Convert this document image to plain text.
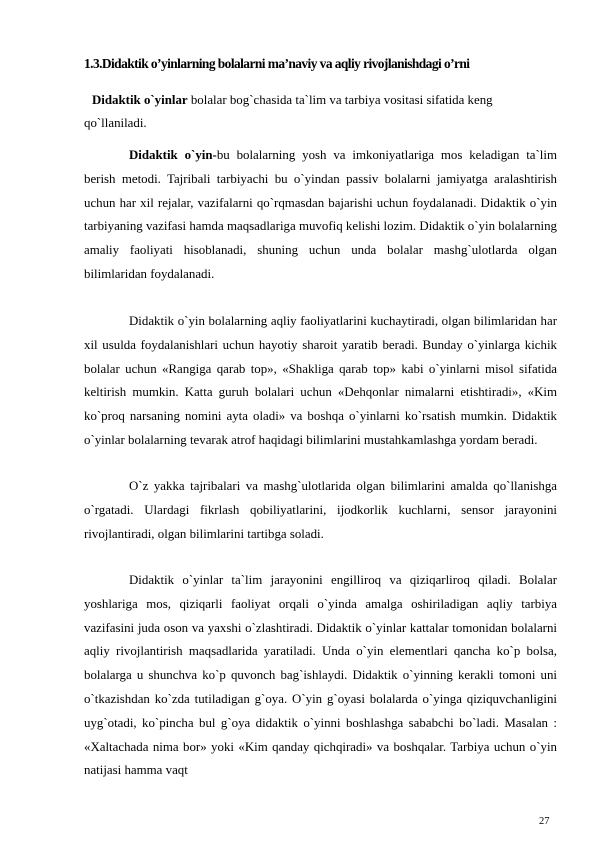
1.3.Didaktik o’yinlarning bolalarni ma’naviy va aqliy rivojlanishdagi o’rni
Didaktik o`yinlar bolalar bog`chasida ta`lim va tarbiya vositasi sifatida keng qo`llaniladi.

Didaktik o`yin-bu bolalarning yosh va imkoniyatlariga mos keladigan ta`lim berish metodi. Tajribali tarbiyachi bu o`yindan passiv bolalarni jamiyatga aralashtirish uchun har xil rejalar, vazifalarni qo`rqmasdan bajarishi uchun foydalanadi. Didaktik o`yin tarbiyaning vazifasi hamda maqsadlariga muvofiq kelishi lozim. Didaktik o`yin bolalarning amaliy faoliyati hisoblanadi, shuning uchun unda bolalar mashg`ulotlarda olgan bilimlaridan foydalanadi.

Didaktik o`yin bolalarning aqliy faoliyatlarini kuchaytiradi, olgan bilimlaridan har xil usulda foydalanishlari uchun hayotiy sharoit yaratib beradi. Bunday o`yinlarga kichik bolalar uchun «Rangiga qarab top», «Shakliga qarab top» kabi o`yinlarni misol sifatida keltirish mumkin. Katta guruh bolalari uchun «Dehqonlar nimalarni etishtiradi», «Kim ko`proq narsaning nomini ayta oladi» va boshqa o`yinlarni ko`rsatish mumkin. Didaktik o`yinlar bolalarning tevarak atrof haqidagi bilimlarini mustahkamlashga yordam beradi.

O`z yakka tajribalari va mashg`ulotlarida olgan bilimlarini amalda qo`llanishga o`rgatadi. Ulardagi fikrlash qobiliyatlarini, ijodkorlik kuchlarni, sensor jarayonini rivojlantiradi, olgan bilimlarini tartibga soladi.

Didaktik o`yinlar ta`lim jarayonini engilliroq va qiziqarliroq qiladi. Bolalar yoshlariga mos, qiziqarli faoliyat orqali o`yinda amalga oshiriladigan aqliy tarbiya vazifasini juda oson va yaxshi o`zlashtiradi. Didaktik o`yinlar kattalar tomonidan bolalarni aqliy rivojlantirish maqsadlarida yaratiladi. Unda o`yin elementlari qancha ko`p bolsa, bolalarga u shunchva ko`p quvonch bag`ishlaydi. Didaktik o`yinning kerakli tomoni uni o`tkazishdan ko`zda tutiladigan g`oya. O`yin g`oyasi bolalarda o`yinga qiziquvchanligini uyg`otadi, ko`pincha bul g`oya didaktik o`yinni boshlashga sababchi bo`ladi. Masalan : «Xaltachada nima bor» yoki «Kim qanday qichqiradi» va boshqalar. Tarbiya uchun o`yin natijasi hamma vaqt

27
